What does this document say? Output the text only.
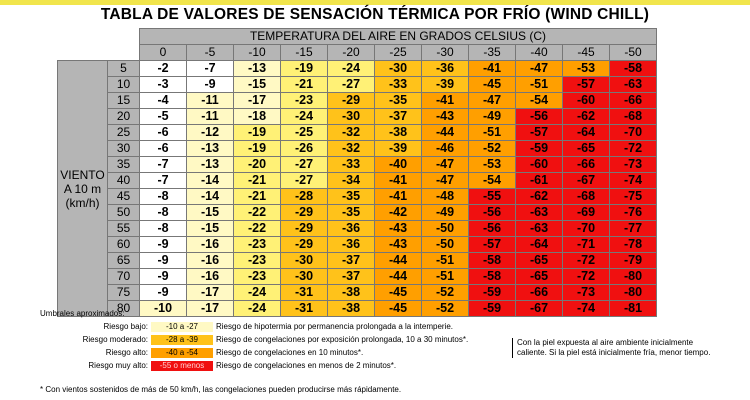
TABLA DE VALORES DE SENSACIÓN TÉRMICA POR FRÍO (WIND CHILL)
		TEMPERATURA DEL AIRE EN GRADOS CELSIUS (C)										
		0	-5	-10	-15	-20	-25	-30	-35	-40	-45	-50
VIENTO A 10 m (km/h)	5	-2	-7	-13	-19	-24	-30	-36	-41	-47	-53	-58
	10	-3	-9	-15	-21	-27	-33	-39	-45	-51	-57	-63
	15	-4	-11	-17	-23	-29	-35	-41	-47	-54	-60	-66
	20	-5	-11	-18	-24	-30	-37	-43	-49	-56	-62	-68
	25	-6	-12	-19	-25	-32	-38	-44	-51	-57	-64	-70
	30	-6	-13	-19	-26	-32	-39	-46	-52	-59	-65	-72
	35	-7	-13	-20	-27	-33	-40	-47	-53	-60	-66	-73
	40	-7	-14	-21	-27	-34	-41	-47	-54	-61	-67	-74
	45	-8	-14	-21	-28	-35	-41	-48	-55	-62	-68	-75
	50	-8	-15	-22	-29	-35	-42	-49	-56	-63	-69	-76
	55	-8	-15	-22	-29	-36	-43	-50	-56	-63	-70	-77
	60	-9	-16	-23	-29	-36	-43	-50	-57	-64	-71	-78
	65	-9	-16	-23	-30	-37	-44	-51	-58	-65	-72	-79
	70	-9	-16	-23	-30	-37	-44	-51	-58	-65	-72	-80
	75	-9	-17	-24	-31	-38	-45	-52	-59	-66	-73	-80
	80	-10	-17	-24	-31	-38	-45	-52	-59	-67	-74	-81
Umbrales aproximados:
Riesgo bajo:	-10 a -27	Riesgo de hipotermia por permanencia prolongada a la intemperie.
Riesgo moderado:	-28 a -39	Riesgo de congelaciones por exposición prolongada, 10 a 30 minutos*.
Riesgo alto:	-40 a -54	Riesgo de congelaciones en 10 minutos*.
Riesgo muy alto:	-55 o menos	Riesgo de congelaciones en menos de 2 minutos*.
Con la piel expuesta al aire ambiente inicialmente caliente. Si la piel está inicialmente fría, menor tiempo.
* Con vientos sostenidos de más de 50 km/h, las congelaciones pueden producirse más rápidamente.
